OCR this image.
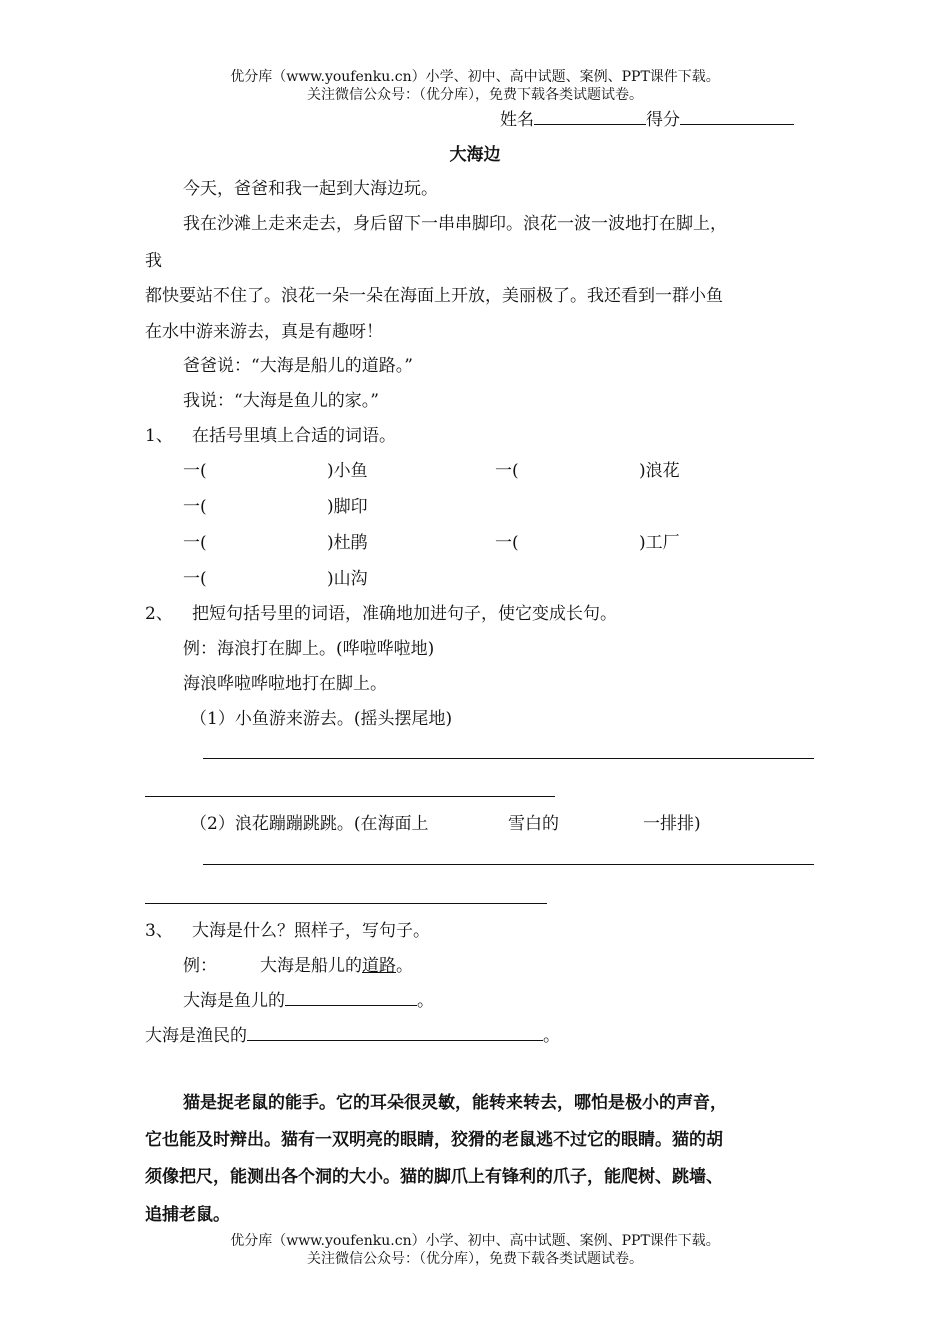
优分库（www.youfenku.cn）小学、初中、高中试题、案例、PPT课件下载。
关注微信公众号：（优分库），免费下载各类试题试卷。
姓名	得分
大海边
今天，爸爸和我一起到大海边玩。
我在沙滩上走来走去，身后留下一串串脚印。浪花一波一波地打在脚上，
我
都快要站不住了。浪花一朵一朵在海面上开放，美丽极了。我还看到一群小鱼
在水中游来游去，真是有趣呀！
爸爸说：“大海是船儿的道路。”
我说：“大海是鱼儿的家。”
1、 在括号里填上合适的词语。
一(	)小鱼	一(	)浪花
一(	)脚印
一(	)杜鹃	一(	)工厂
一(	)山沟
2、 把短句括号里的词语，准确地加进句子，使它变成长句。
例：海浪打在脚上。(哗啦哗啦地)
海浪哗啦哗啦地打在脚上。
（1）小鱼游来游去。(摇头摆尾地)
（2）浪花蹦蹦跳跳。(在海面上	雪白的	一排排)
3、 大海是什么？照样子，写句子。
例：	大海是船儿的道路。
大海是鱼儿的	。
大海是渔民的	。
猫是捉老鼠的能手。它的耳朵很灵敏，能转来转去，哪怕是极小的声音，
它也能及时辩出。猫有一双明亮的眼睛，狡猾的老鼠逃不过它的眼睛。猫的胡
须像把尺，能测出各个洞的大小。猫的脚爪上有锋利的爪子，能爬树、跳墙、
追捕老鼠。
优分库（www.youfenku.cn）小学、初中、高中试题、案例、PPT课件下载。
关注微信公众号：（优分库），免费下载各类试题试卷。
